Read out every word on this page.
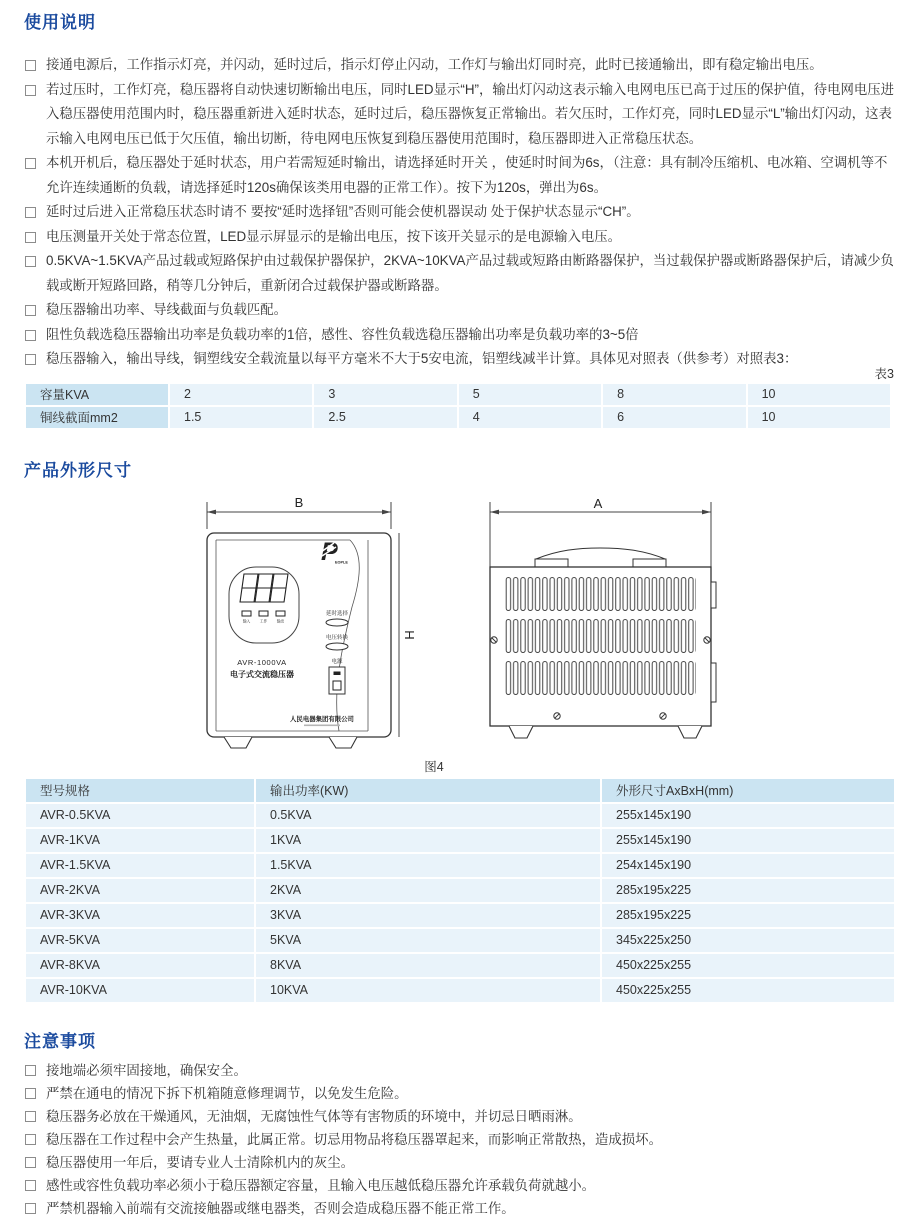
使用说明
接通电源后，工作指示灯亮，并闪动，延时过后，指示灯停止闪动，工作灯与输出灯同时亮，此时已接通输出，即有稳定输出电压。
若过压时，工作灯亮，稳压器将自动快速切断输出电压，同时LED显示“H”，输出灯闪动这表示输入电网电压已高于过压的保护值，待电网电压进入稳压器使用范围内时，稳压器重新进入延时状态，延时过后，稳压器恢复正常输出。若欠压时，工作灯亮，同时LED显示“L”输出灯闪动，这表示输入电网电压已低于欠压值，输出切断，待电网电压恢复到稳压器使用范围时，稳压器即进入正常稳压状态。
本机开机后，稳压器处于延时状态，用户若需短延时输出，请选择延时开关 ，使延时时间为6s，（注意：具有制冷压缩机、电冰箱、空调机等不允许连续通断的负载，请选择延时120s确保该类用电器的正常工作）。按下为120s，弹出为6s。
延时过后进入正常稳压状态时请不 要按“延时选择钮”否则可能会使机器误动 处于保护状态显示“CH”。
电压测量开关处于常态位置，LED显示屏显示的是输出电压，按下该开关显示的是电源输入电压。
0.5KVA~1.5KVA产品过载或短路保护由过载保护器保护，2KVA~10KVA产品过载或短路由断路器保护，当过载保护器或断路器保护后，请减少负载或断开短路回路，稍等几分钟后，重新闭合过载保护器或断路器。
稳压器输出功率、导线截面与负载匹配。
阻性负载选稳压器输出功率是负载功率的1倍，感性、容性负载选稳压器输出功率是负载功率的3~5倍
稳压器输入，输出导线，铜塑线安全载流量以每平方毫米不大于5安电流，铝塑线减半计算。具体见对照表（供参考）对照表3：
表3
容量KVA	2	3	5	8	10
铜线截面mm2	1.5	2.5	4	6	10
产品外形尺寸
B
H
输入 工作 输出
AVR-1000VA
电子式交流稳压器
延时选择
电压转换
电源
P
EOPLE
人民电器集团有限公司
A
图4
型号规格	输出功率(KW)	外形尺寸AxBxH(mm)
AVR-0.5KVA	0.5KVA	255x145x190
AVR-1KVA	1KVA	255x145x190
AVR-1.5KVA	1.5KVA	254x145x190
AVR-2KVA	2KVA	285x195x225
AVR-3KVA	3KVA	285x195x225
AVR-5KVA	5KVA	345x225x250
AVR-8KVA	8KVA	450x225x255
AVR-10KVA	10KVA	450x225x255
注意事项
接地端必须牢固接地，确保安全。
严禁在通电的情况下拆下机箱随意修理调节，以免发生危险。
稳压器务必放在干燥通风，无油烟，无腐蚀性气体等有害物质的环境中，并切忌日晒雨淋。
稳压器在工作过程中会产生热量，此属正常。切忌用物品将稳压器罩起来，而影响正常散热，造成损坏。
稳压器使用一年后，要请专业人士清除机内的灰尘。
感性或容性负载功率必须小于稳压器额定容量，且输入电压越低稳压器允许承载负荷就越小。
严禁机器输入前端有交流接触器或继电器类，否则会造成稳压器不能正常工作。
